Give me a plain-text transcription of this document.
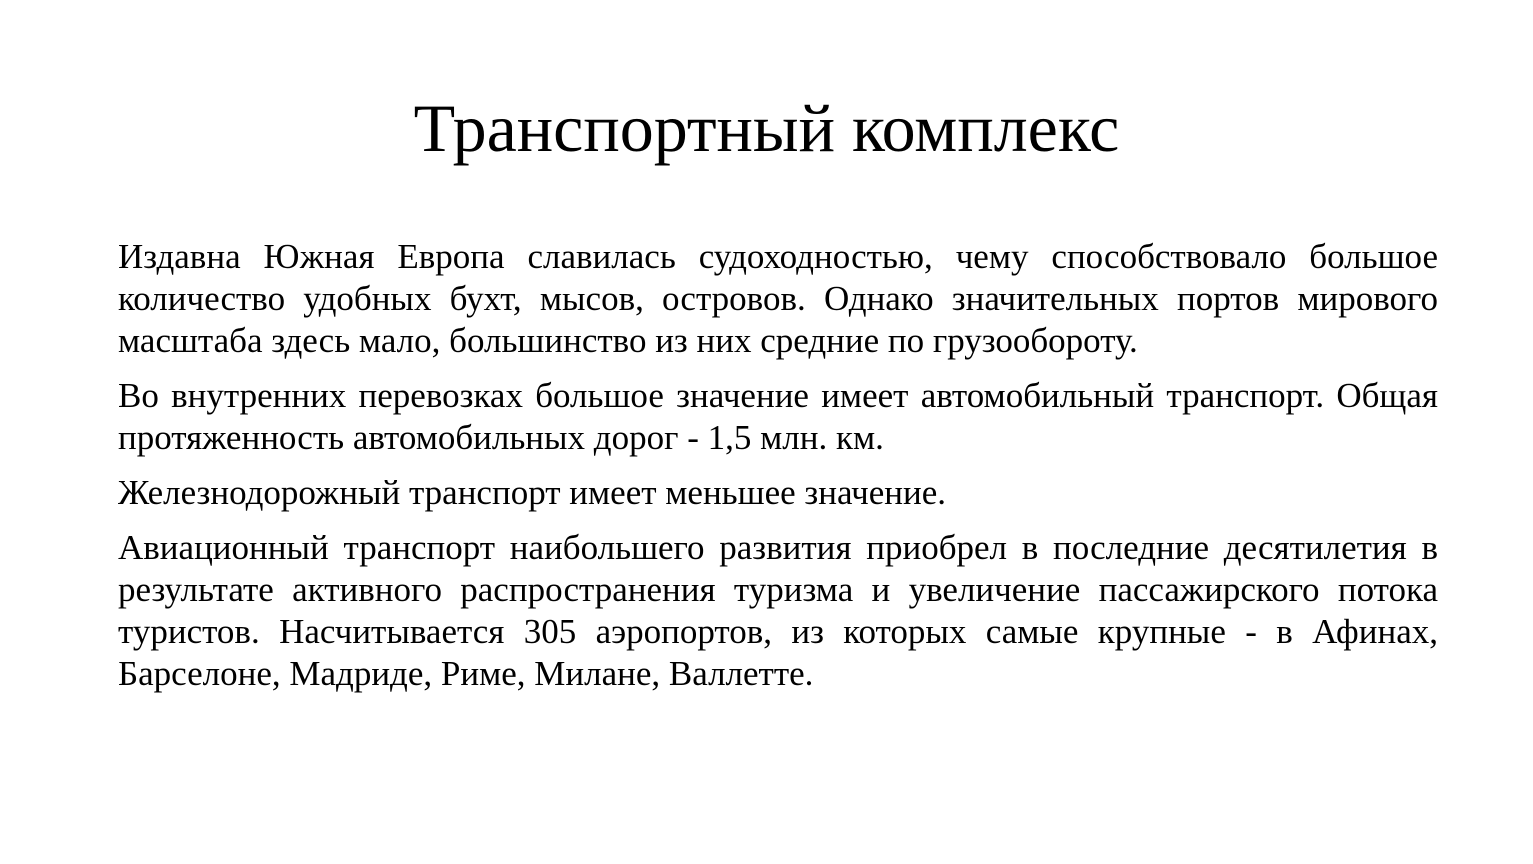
Транспортный комплекс

Издавна Южная Европа славилась судоходностью, чему способствовало большое количество удобных бухт, мысов, островов. Однако значительных портов мирового масштаба здесь мало, большинство из них средние по грузообороту.

Во внутренних перевозках большое значение имеет автомобильный транспорт. Общая протяженность автомобильных дорог - 1,5 млн. км.

Железнодорожный транспорт имеет меньшее значение.

Авиационный транспорт наибольшего развития приобрел в последние десятилетия в результате активного распространения туризма и увеличение пассажирского потока туристов. Насчитывается 305 аэропортов, из которых самые крупные - в Афинах, Барселоне, Мадриде, Риме, Милане, Валлетте.
